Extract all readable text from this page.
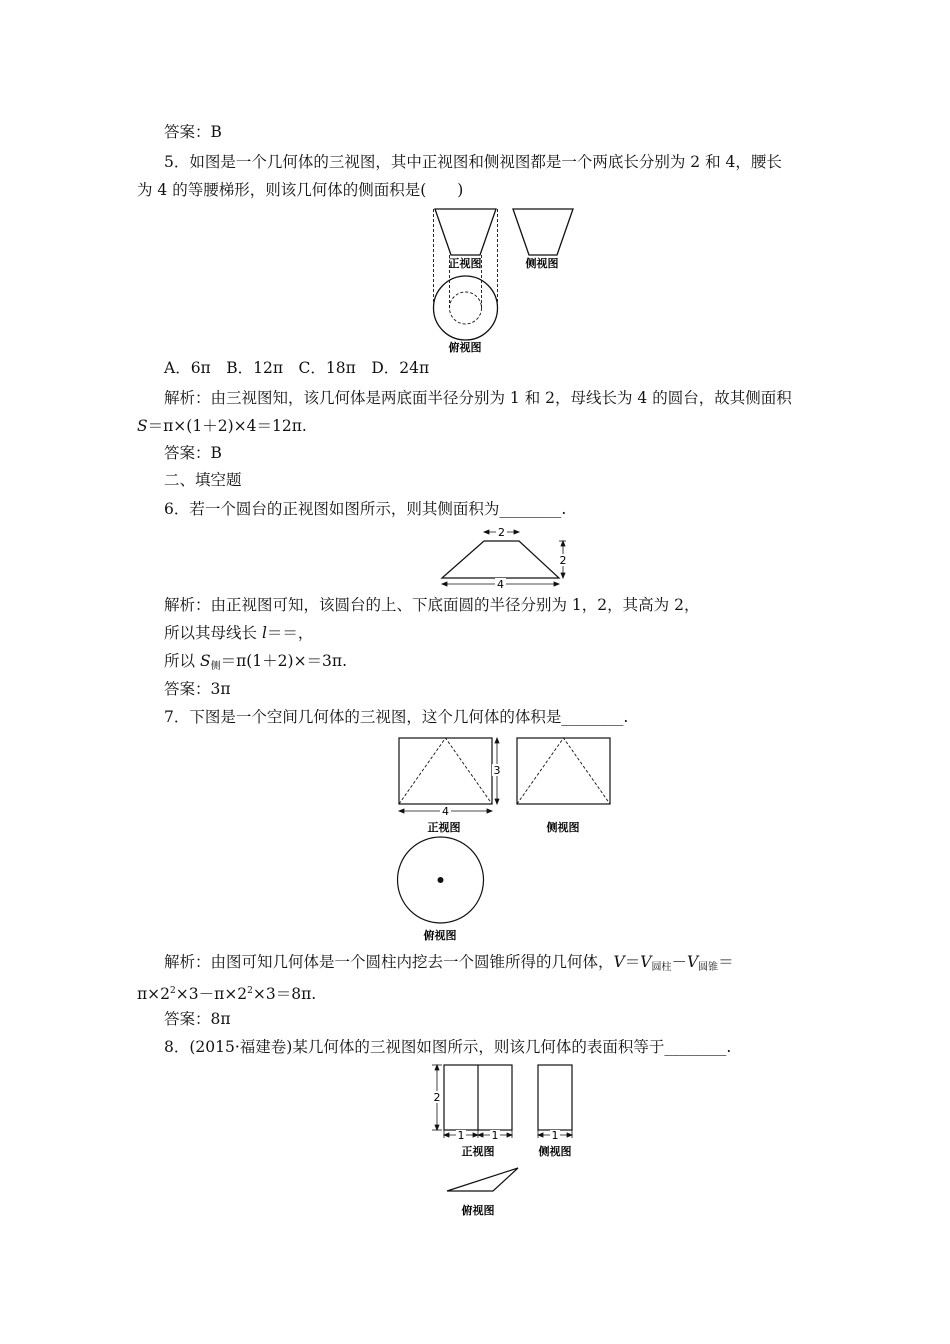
答案：B
5．如图是一个几何体的三视图，其中正视图和侧视图都是一个两底长分别为 2 和 4，腰长
为 4 的等腰梯形，则该几何体的侧面积是(　　)
正视图	侧视图
俯视图
A．6π　B．12π　C．18π　D．24π
解析：由三视图知，该几何体是两底面半径分别为 1 和 2，母线长为 4 的圆台，故其侧面积
S＝π×(1＋2)×4＝12π.
答案：B
二、填空题
6．若一个圆台的正视图如图所示，则其侧面积为________.
2
2
4
解析：由正视图可知，该圆台的上、下底面圆的半径分别为 1，2，其高为 2，
所以其母线长 l＝＝，
所以 $S_侧=\pi(1+2)\times=3\pi$.
答案：3π
7．下图是一个空间几何体的三视图，这个几何体的体积是________.
3
4
正视图	侧视图
俯视图
解析：由图可知几何体是一个圆柱内挖去一个圆锥所得的几何体，$V=V_{圆柱}-V_{圆锥}=$
$\pi\times 2^2\times 3-\pi\times 2^2\times 3=8\pi$.
答案：8π
8．(2015·福建卷)某几何体的三视图如图所示，则该几何体的表面积等于________.
2
1 1	1
正视图	侧视图
俯视图
